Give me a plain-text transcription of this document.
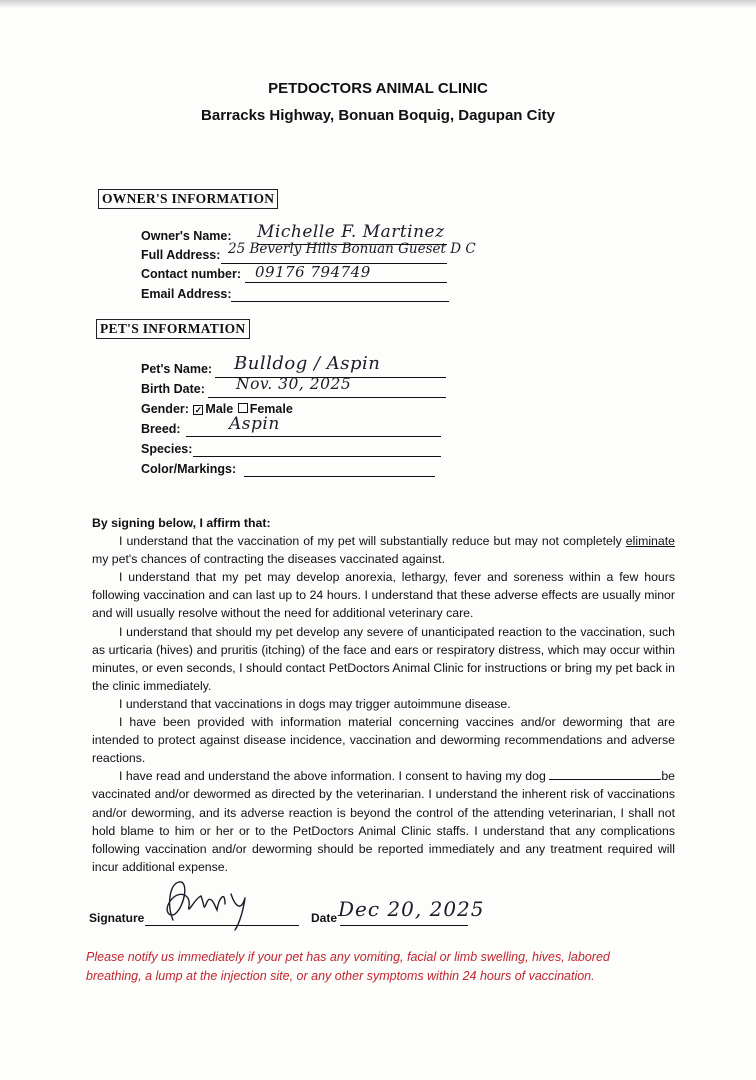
PETDOCTORS ANIMAL CLINIC
Barracks Highway, Bonuan Boquig, Dagupan City
OWNER'S INFORMATION
Owner's Name: Michelle F. Martinez
Full Address: 25 Beverly Hills Bonuan Gueset D C
Contact number: 09176 794749
Email Address:
PET'S INFORMATION
Pet's Name: Bulldog / Aspin
Birth Date: Nov. 30, 2025
Gender: ✓ Male Female
Breed:	Aspin
Species:
Color/Markings:

By signing below, I affirm that:

I understand that the vaccination of my pet will substantially reduce but may not completely eliminate my pet's chances of contracting the diseases vaccinated against.

I understand that my pet may develop anorexia, lethargy, fever and soreness within a few hours following vaccination and can last up to 24 hours. I understand that these adverse effects are usually minor and will usually resolve without the need for additional veterinary care.

I understand that should my pet develop any severe of unanticipated reaction to the vaccination, such as urticaria (hives) and pruritis (itching) of the face and ears or respiratory distress, which may occur within minutes, or even seconds, I should contact PetDoctors Animal Clinic for instructions or bring my pet back in the clinic immediately.

I understand that vaccinations in dogs may trigger autoimmune disease.

I have been provided with information material concerning vaccines and/or deworming that are intended to protect against disease incidence, vaccination and deworming recommendations and adverse reactions.

I have read and understand the above information. I consent to having my dog	be vaccinated and/or dewormed as directed by the veterinarian. I understand the inherent risk of vaccinations and/or deworming, and its adverse reaction is beyond the control of the attending veterinarian, I shall not hold blame to him or her or to the PetDoctors Animal Clinic staffs. I understand that any complications following vaccination and/or deworming should be reported immediately and any treatment required will incur additional expense.

Signature	Date Dec 20, 2025
Please notify us immediately if your pet has any vomiting, facial or limb swelling, hives, labored breathing, a lump at the injection site, or any other symptoms within 24 hours of vaccination.
